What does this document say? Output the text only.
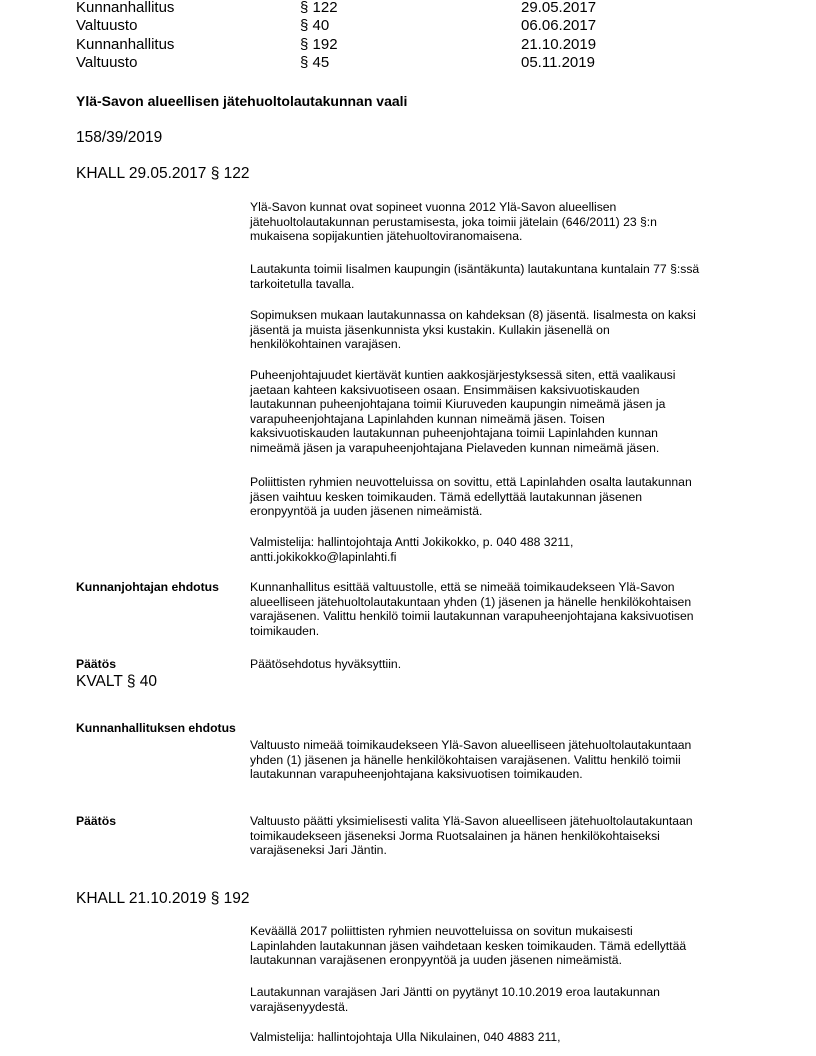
Kunnanhallitus	§ 122	29.05.2017
Valtuusto	§ 40	06.06.2017
Kunnanhallitus	§ 192	21.10.2019
Valtuusto	§ 45	05.11.2019
Ylä-Savon alueellisen jätehuoltolautakunnan vaali
158/39/2019
KHALL 29.05.2017 § 122

Ylä-Savon kunnat ovat sopineet vuonna 2012 Ylä-Savon alueellisen
jätehuoltolautakunnan perustamisesta, joka toimii jätelain (646/2011) 23 §:n
mukaisena sopijakuntien jätehuoltoviranomaisena.

Lautakunta toimii Iisalmen kaupungin (isäntäkunta) lautakuntana kuntalain 77 §:ssä
tarkoitetulla tavalla.

Sopimuksen mukaan lautakunnassa on kahdeksan (8) jäsentä. Iisalmesta on kaksi
jäsentä ja muista jäsenkunnista yksi kustakin. Kullakin jäsenellä on
henkilökohtainen varajäsen.

Puheenjohtajuudet kiertävät kuntien aakkosjärjestyksessä siten, että vaalikausi
jaetaan kahteen kaksivuotiseen osaan. Ensimmäisen kaksivuotiskauden
lautakunnan puheenjohtajana toimii Kiuruveden kaupungin nimeämä jäsen ja
varapuheenjohtajana Lapinlahden kunnan nimeämä jäsen. Toisen
kaksivuotiskauden lautakunnan puheenjohtajana toimii Lapinlahden kunnan
nimeämä jäsen ja varapuheenjohtajana Pielaveden kunnan nimeämä jäsen.

Poliittisten ryhmien neuvotteluissa on sovittu, että Lapinlahden osalta lautakunnan
jäsen vaihtuu kesken toimikauden. Tämä edellyttää lautakunnan jäsenen
eronpyyntöä ja uuden jäsenen nimeämistä.

Valmistelija: hallintojohtaja Antti Jokikokko, p. 040 488 3211,
antti.jokikokko@lapinlahti.fi

Kunnanjohtajan ehdotus	Kunnanhallitus esittää valtuustolle, että se nimeää toimikaudekseen Ylä-Savon
alueelliseen jätehuoltolautakuntaan yhden (1) jäsenen ja hänelle henkilökohtaisen
varajäsenen. Valittu henkilö toimii lautakunnan varapuheenjohtajana kaksivuotisen
toimikauden.

Päätös	Päätösehdotus hyväksyttiin.
KVALT § 40
Kunnanhallituksen ehdotus

Valtuusto nimeää toimikaudekseen Ylä-Savon alueelliseen jätehuoltolautakuntaan
yhden (1) jäsenen ja hänelle henkilökohtaisen varajäsenen. Valittu henkilö toimii
lautakunnan varapuheenjohtajana kaksivuotisen toimikauden.

Päätös	Valtuusto päätti yksimielisesti valita Ylä-Savon alueelliseen jätehuoltolautakuntaan
toimikaudekseen jäseneksi Jorma Ruotsalainen ja hänen henkilökohtaiseksi
varajäseneksi Jari Jäntin.

KHALL 21.10.2019 § 192

Keväällä 2017 poliittisten ryhmien neuvotteluissa on sovitun mukaisesti
Lapinlahden lautakunnan jäsen vaihdetaan kesken toimikauden. Tämä edellyttää
lautakunnan varajäsenen eronpyyntöä ja uuden jäsenen nimeämistä.

Lautakunnan varajäsen Jari Jäntti on pyytänyt 10.10.2019 eroa lautakunnan
varajäsenyydestä.

Valmistelija: hallintojohtaja Ulla Nikulainen, 040 4883 211,
